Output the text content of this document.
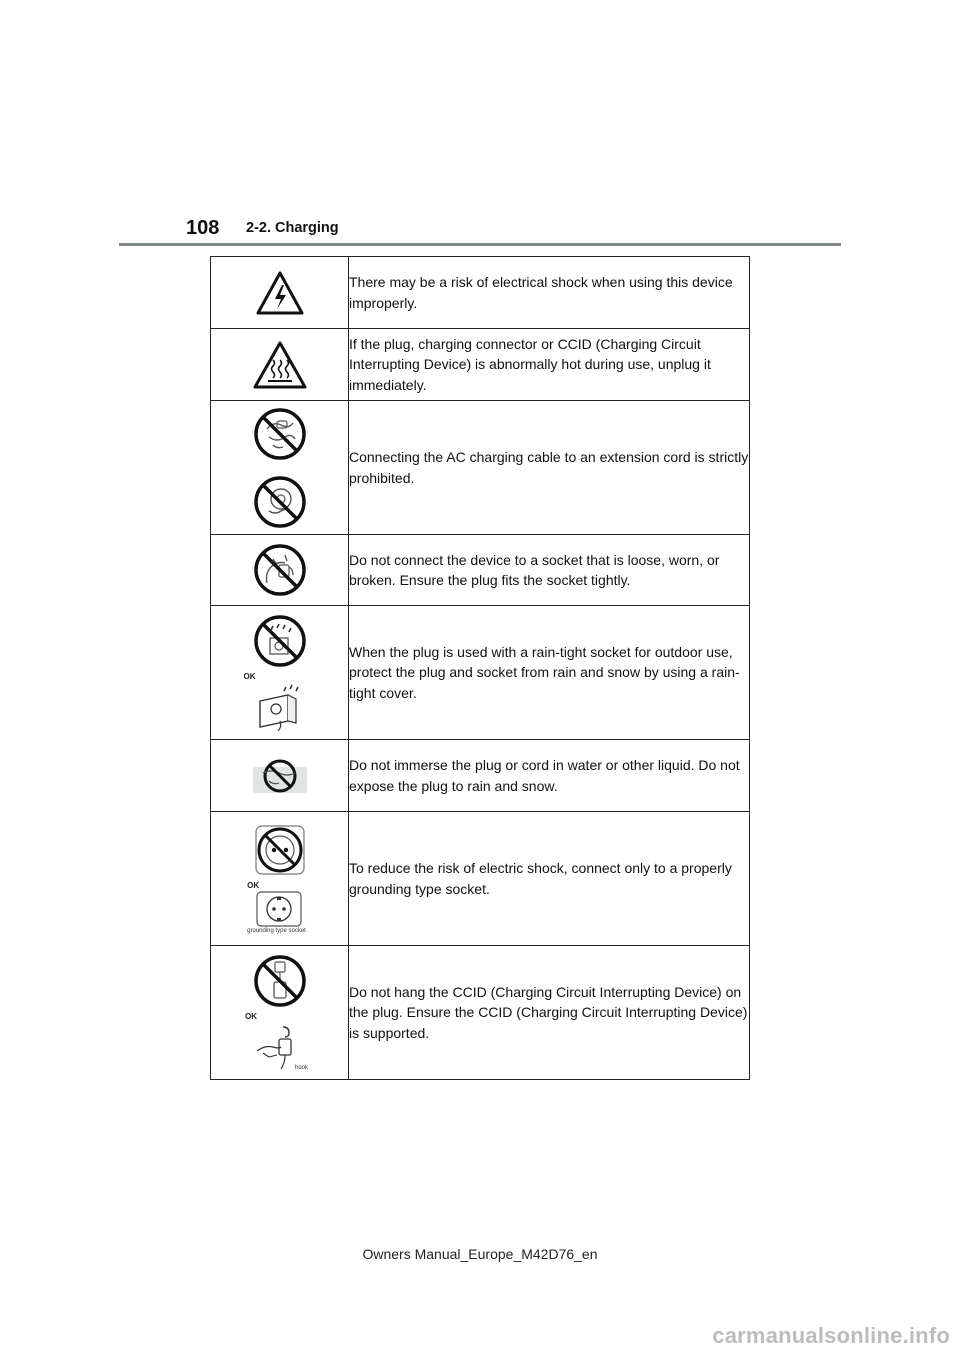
108 2-2. Charging
	There may be a risk of electrical shock when using this device improperly.

	If the plug, charging connector or CCID (Charging Circuit Interrupting Device) is abnormally hot during use, unplug it immediately.

	Connecting the AC charging cable to an extension cord is strictly prohibited.

	Do not connect the device to a socket that is loose, worn, or broken. Ensure the plug fits the socket tightly.

OK	When the plug is used with a rain-tight socket for outdoor use, protect the plug and socket from rain and snow by using a rain-tight cover.

	Do not immerse the plug or cord in water or other liquid. Do not expose the plug to rain and snow.

OK
grounding type socket	To reduce the risk of electric shock, connect only to a properly grounding type socket.

OK
hook	Do not hang the CCID (Charging Circuit Interrupting Device) on the plug. Ensure the CCID (Charging Circuit Interrupting Device) is supported.
Owners Manual_Europe_M42D76_en
carmanualsonline.info
